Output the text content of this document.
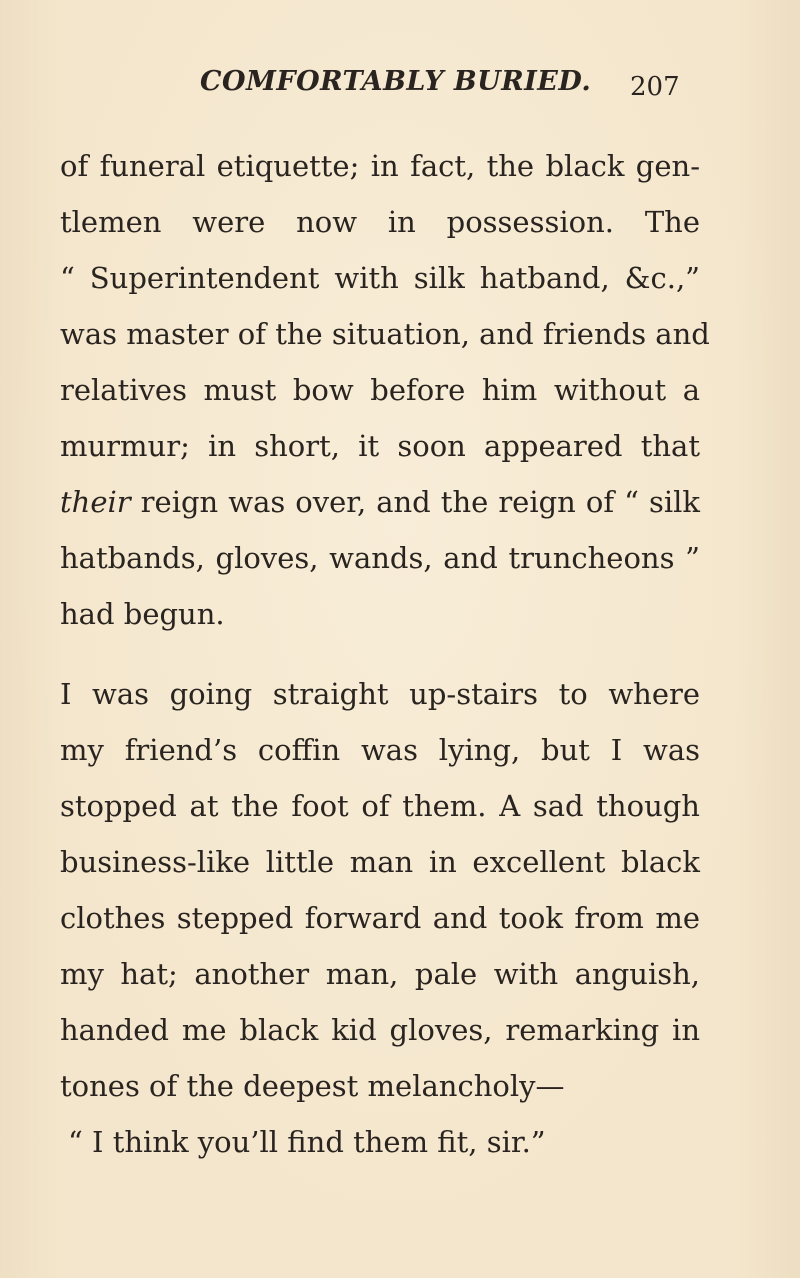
COMFORTABLY BURIED. 207
of funeral etiquette; in fact, the black gen-
tlemen were now in possession. The
“ Superintendent with silk hatband, &c.,”
was master of the situation, and friends and
relatives must bow before him without a
murmur; in short, it soon appeared that
their reign was over, and the reign of “ silk
hatbands, gloves, wands, and truncheons ”
had begun.
I was going straight up-stairs to where
my friend’s coffin was lying, but I was
stopped at the foot of them. A sad though
business-like little man in excellent black
clothes stepped forward and took from me
my hat; another man, pale with anguish,
handed me black kid gloves, remarking in
tones of the deepest melancholy—
“ I think you’ll find them fit, sir.”
